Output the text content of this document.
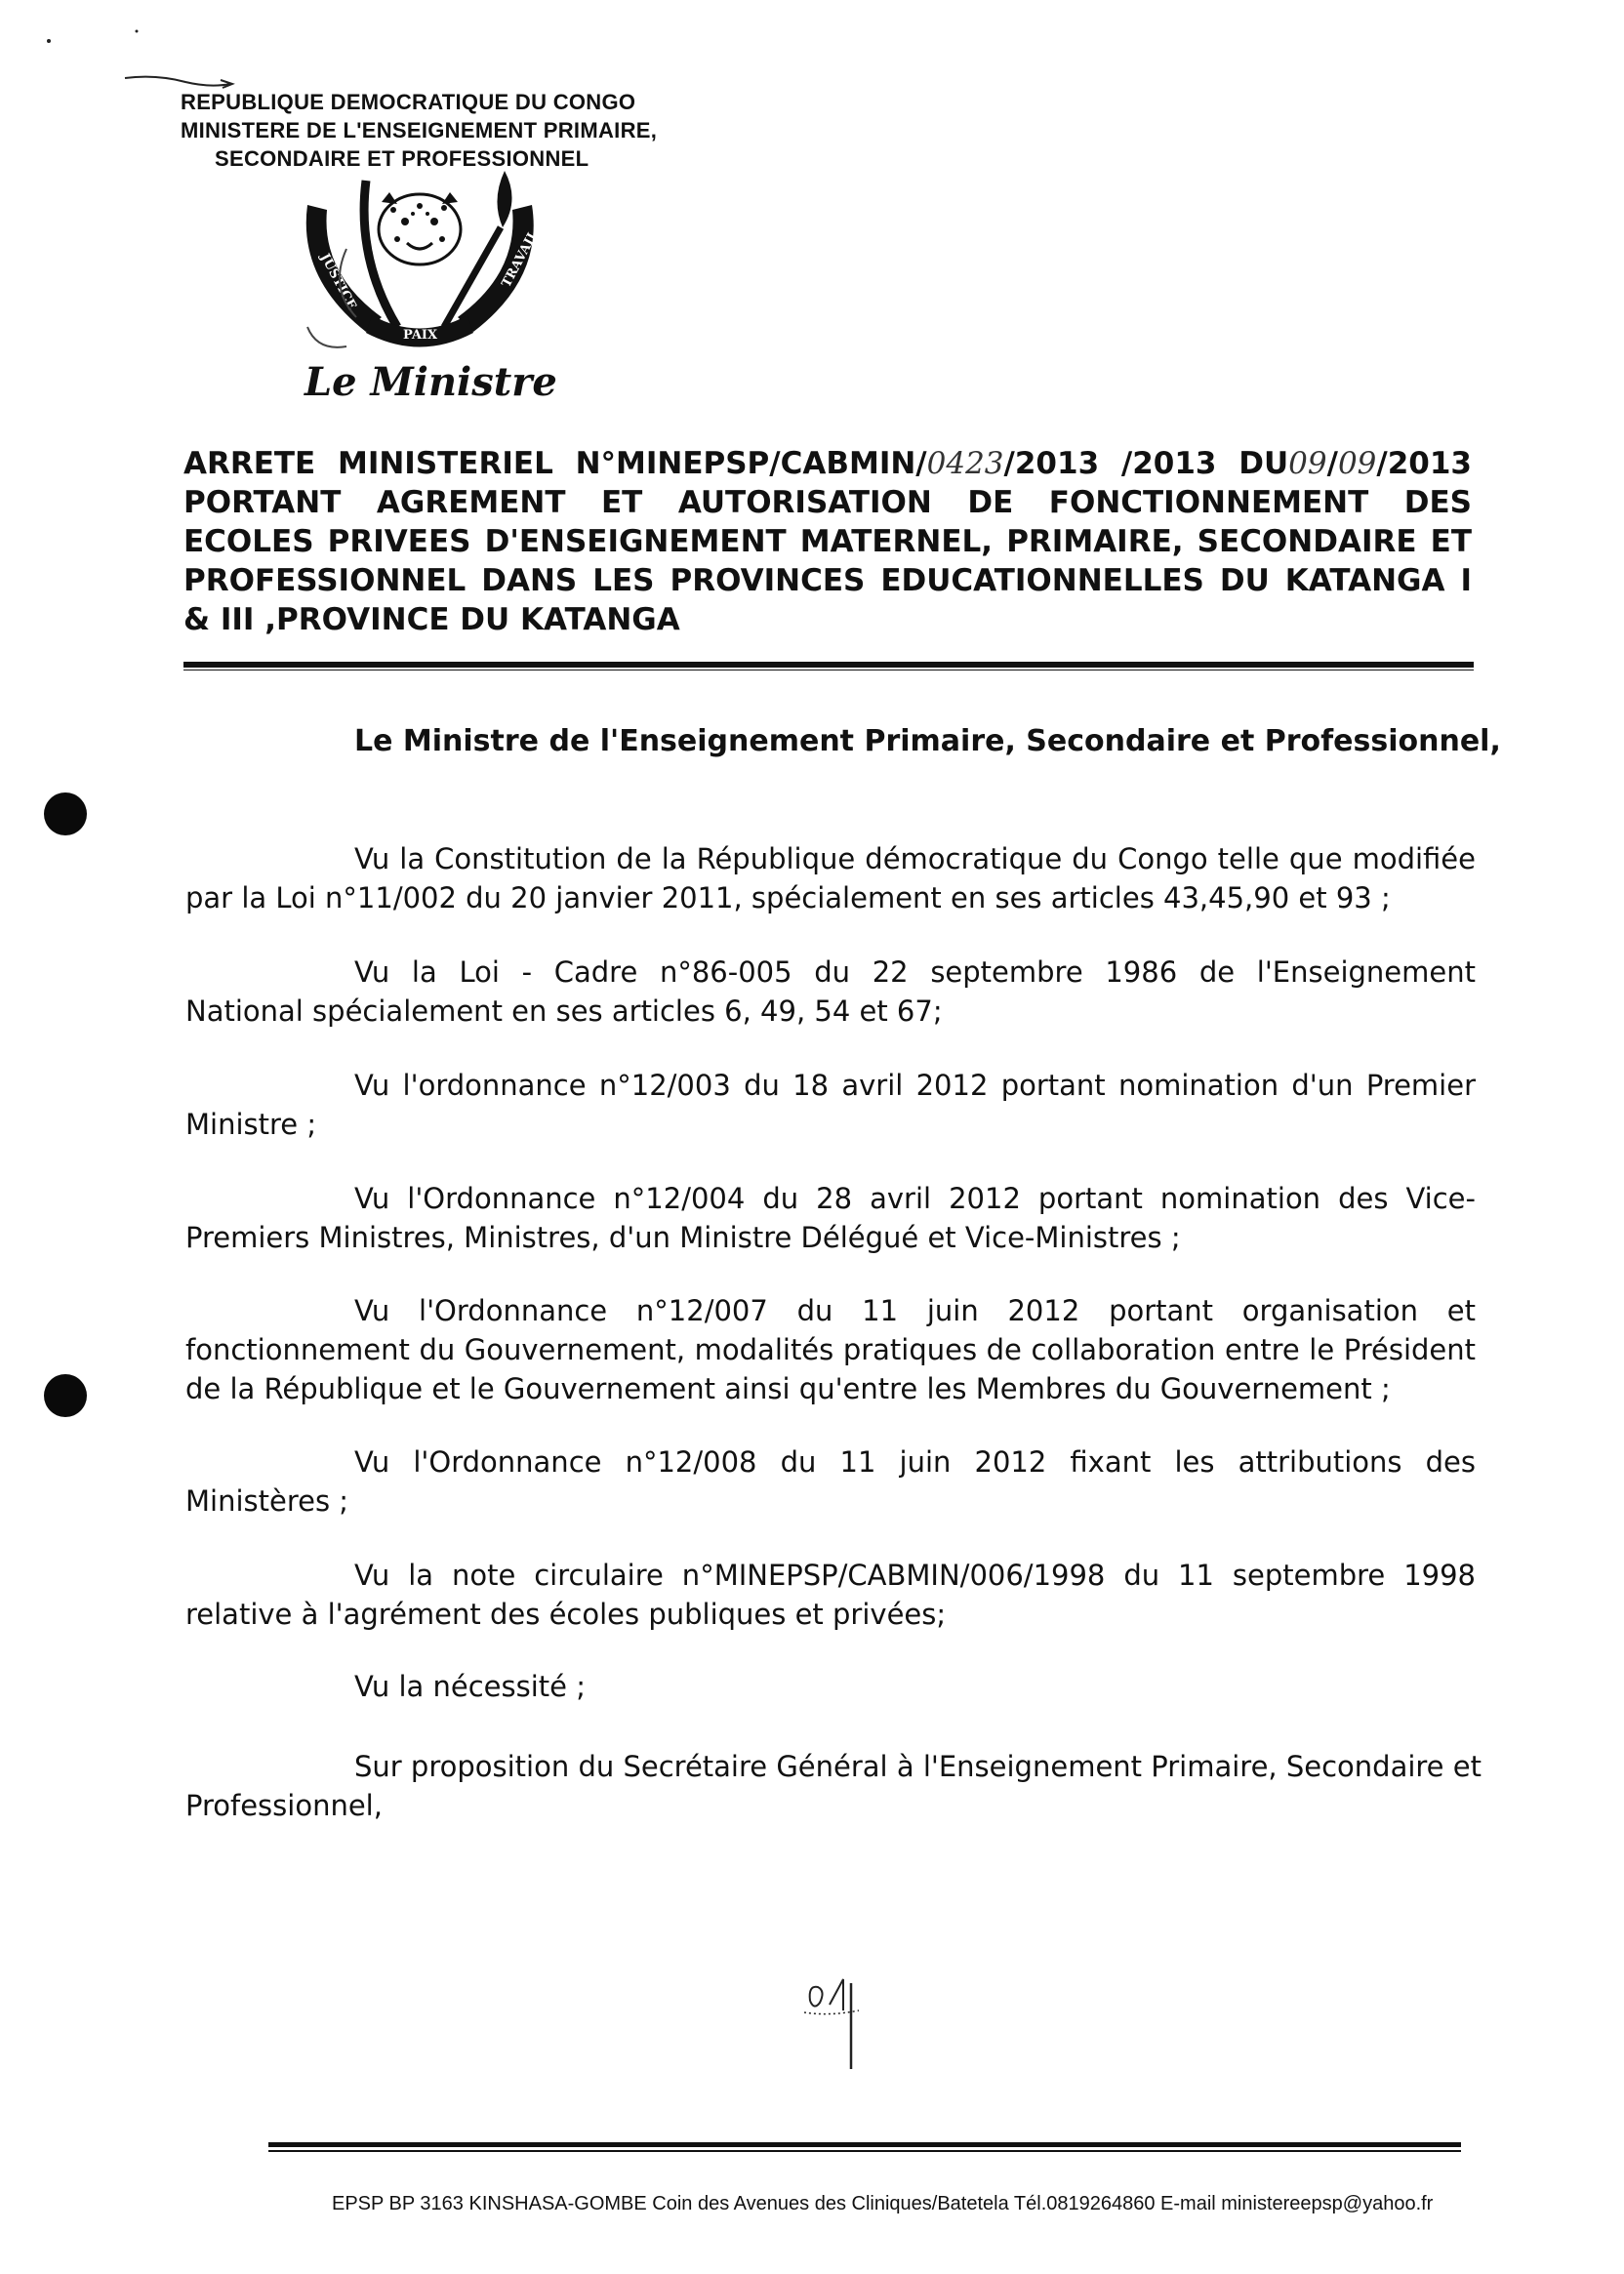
REPUBLIQUE DEMOCRATIQUE DU CONGO
MINISTERE DE L'ENSEIGNEMENT PRIMAIRE,
SECONDAIRE ET PROFESSIONNEL
JUSTICE	TRAVAIL
PAIX
Le Ministre
ARRETE MINISTERIEL N°MINEPSP/CABMIN/0423/2013 /2013 DU09/09/2013
PORTANT AGREMENT ET AUTORISATION DE FONCTIONNEMENT DES
ECOLES PRIVEES D'ENSEIGNEMENT MATERNEL, PRIMAIRE, SECONDAIRE ET
PROFESSIONNEL DANS LES PROVINCES EDUCATIONNELLES DU KATANGA I
& III ,PROVINCE DU KATANGA
Le Ministre de l'Enseignement Primaire, Secondaire et Professionnel,
Vu la Constitution de la République démocratique du Congo telle que modifiée
par la Loi n°11/002 du 20 janvier 2011, spécialement en ses articles 43,45,90 et 93 ;
Vu la Loi - Cadre n°86-005 du 22 septembre 1986 de l'Enseignement
National spécialement en ses articles 6, 49, 54 et 67;
Vu l'ordonnance n°12/003 du 18 avril 2012 portant nomination d'un Premier
Ministre ;
Vu l'Ordonnance n°12/004 du 28 avril 2012 portant nomination des Vice-
Premiers Ministres, Ministres, d'un Ministre Délégué et Vice-Ministres ;
Vu l'Ordonnance n°12/007 du 11 juin 2012 portant organisation et
fonctionnement du Gouvernement, modalités pratiques de collaboration entre le Président
de la République et le Gouvernement ainsi qu'entre les Membres du Gouvernement ;
Vu l'Ordonnance n°12/008 du 11 juin 2012 fixant les attributions des
Ministères ;
Vu la note circulaire n°MINEPSP/CABMIN/006/1998 du 11 septembre 1998
relative à l'agrément des écoles publiques et privées;
Vu la nécessité ;
Sur proposition du Secrétaire Général à l'Enseignement Primaire, Secondaire et
Professionnel,
EPSP BP 3163 KINSHASA-GOMBE Coin des Avenues des Cliniques/Batetela Tél.0819264860 E-mail ministereepsp@yahoo.fr
